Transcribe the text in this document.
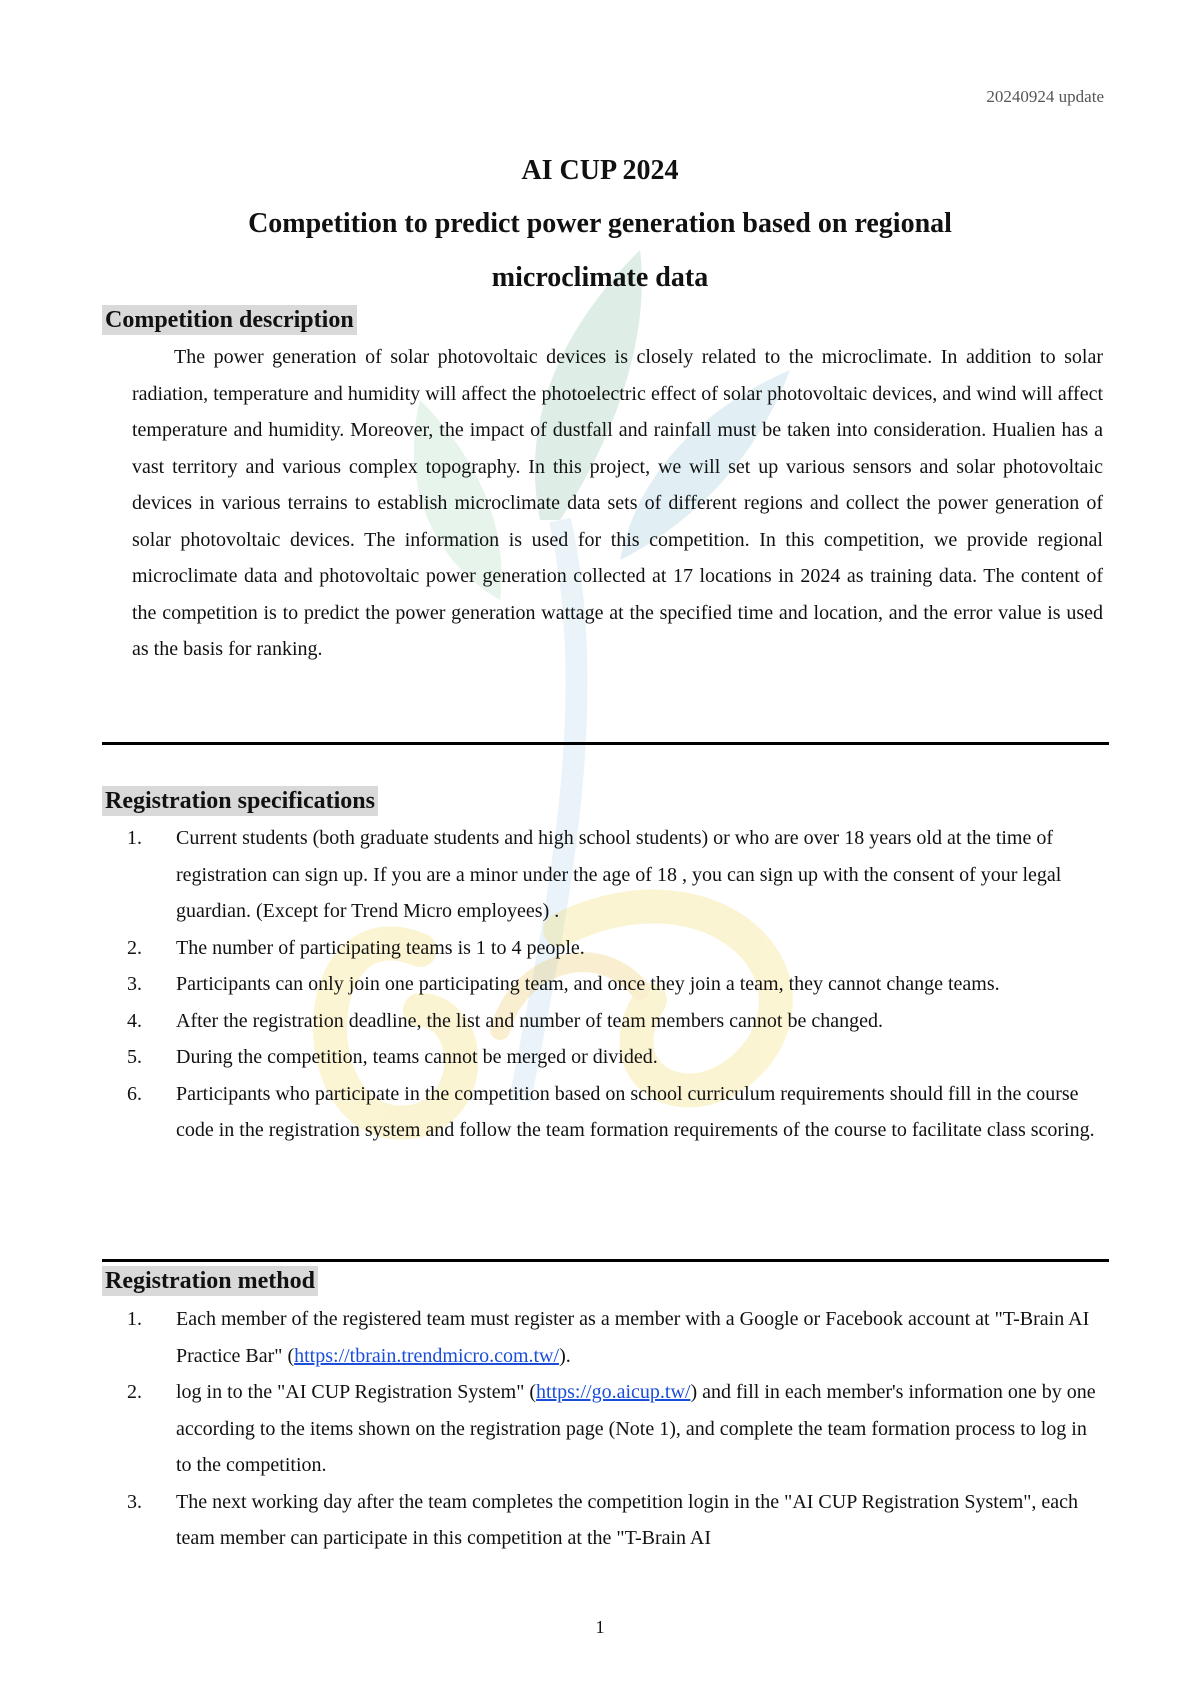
20240924 update
AI CUP 2024
Competition to predict power generation based on regional
microclimate data
Competition description

The power generation of solar photovoltaic devices is closely related to the microclimate. In addition to solar radiation, temperature and humidity will affect the photoelectric effect of solar photovoltaic devices, and wind will affect temperature and humidity. Moreover, the impact of dustfall and rainfall must be taken into consideration. Hualien has a vast territory and various complex topography. In this project, we will set up various sensors and solar photovoltaic devices in various terrains to establish microclimate data sets of different regions and collect the power generation of solar photovoltaic devices. The information is used for this competition. In this competition, we provide regional microclimate data and photovoltaic power generation collected at 17 locations in 2024 as training data. The content of the competition is to predict the power generation wattage at the specified time and location, and the error value is used as the basis for ranking.

Registration specifications
1. Current students (both graduate students and high school students) or who are over 18 years old at the time of registration can sign up. If you are a minor under the age of 18 , you can sign up with the consent of your legal guardian. (Except for Trend Micro employees) .
2. The number of participating teams is 1 to 4 people.
3. Participants can only join one participating team, and once they join a team, they cannot change teams.
4. After the registration deadline, the list and number of team members cannot be changed.
5. During the competition, teams cannot be merged or divided.
6. Participants who participate in the competition based on school curriculum requirements should fill in the course code in the registration system and follow the team formation requirements of the course to facilitate class scoring.
Registration method
1. Each member of the registered team must register as a member with a Google or Facebook account at "T-Brain AI Practice Bar" (https://tbrain.trendmicro.com.tw/).
2. log in to the "AI CUP Registration System" (https://go.aicup.tw/) and fill in each member's information one by one according to the items shown on the registration page (Note 1), and complete the team formation process to log in to the competition.
3. The next working day after the team completes the competition login in the "AI CUP Registration System", each team member can participate in this competition at the "T-Brain AI
1
